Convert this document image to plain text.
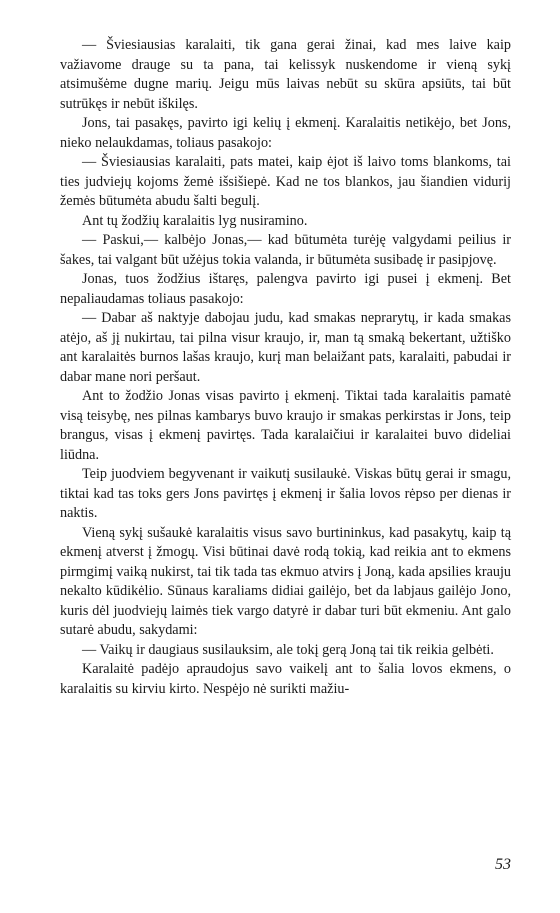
— Šviesiausias karalaiti, tik gana gerai žinai, kad mes laive kaip važiavome drauge su ta pana, tai kelissyk nuskendome ir vieną sykį atsimušėme dugne marių. Jeigu mūs laivas nebūt su skūra apsiūts, tai būt sutrūkęs ir nebūt iškilęs.

Jons, tai pasakęs, pavirto igi kelių į ekmenį. Karalaitis netikėjo, bet Jons, nieko nelaukdamas, toliaus pasakojo:

— Šviesiausias karalaiti, pats matei, kaip ėjot iš laivo toms blankoms, tai ties judviejų kojoms žemė išsišiepė. Kad ne tos blankos, jau šiandien vidurij žemės būtumėta abudu šalti begulį.

Ant tų žodžių karalaitis lyg nusiramino.

— Paskui,— kalbėjo Jonas,— kad būtumėta turėję valgydami peilius ir šakes, tai valgant būt užėjus tokia valanda, ir būtumėta susibadę ir pasipjovę.

Jonas, tuos žodžius ištaręs, palengva pavirto igi pusei į ekmenį. Bet nepaliaudamas toliaus pasakojo:

— Dabar aš naktyje dabojau judu, kad smakas neprarytų, ir kada smakas atėjo, aš jį nukirtau, tai pilna visur kraujo, ir, man tą smaką bekertant, užtiško ant karalaitės burnos lašas kraujo, kurį man belaižant pats, karalaiti, pabudai ir dabar mane nori peršaut.

Ant to žodžio Jonas visas pavirto į ekmenį. Tiktai tada karalaitis pamatė visą teisybę, nes pilnas kambarys buvo kraujo ir smakas perkirstas ir Jons, teip brangus, visas į ekmenį pavirtęs. Tada karalaičiui ir karalaitei buvo dideliai liūdna.

Teip juodviem begyvenant ir vaikutį susilaukė. Viskas būtų gerai ir smagu, tiktai kad tas toks gers Jons pavirtęs į ekmenį ir šalia lovos rėpso per dienas ir naktis.

Vieną sykį sušaukė karalaitis visus savo burtininkus, kad pasakytų, kaip tą ekmenį atverst į žmogų. Visi būtinai davė rodą tokią, kad reikia ant to ekmens pirmgimį vaiką nukirst, tai tik tada tas ekmuo atvirs į Joną, kada apsilies krauju nekalto kūdikėlio. Sūnaus karaliams didiai gailėjo, bet da labjaus gailėjo Jono, kuris dėl juodviejų laimės tiek vargo datyrė ir dabar turi būt ekmeniu. Ant galo sutarė abudu, sakydami:

— Vaikų ir daugiaus susilauksim, ale tokį gerą Joną tai tik reikia gelbėti.

Karalaitė padėjo apraudojus savo vaikelį ant to šalia lovos ekmens, o karalaitis su kirviu kirto. Nespėjo nė surikti mažiu-

53
